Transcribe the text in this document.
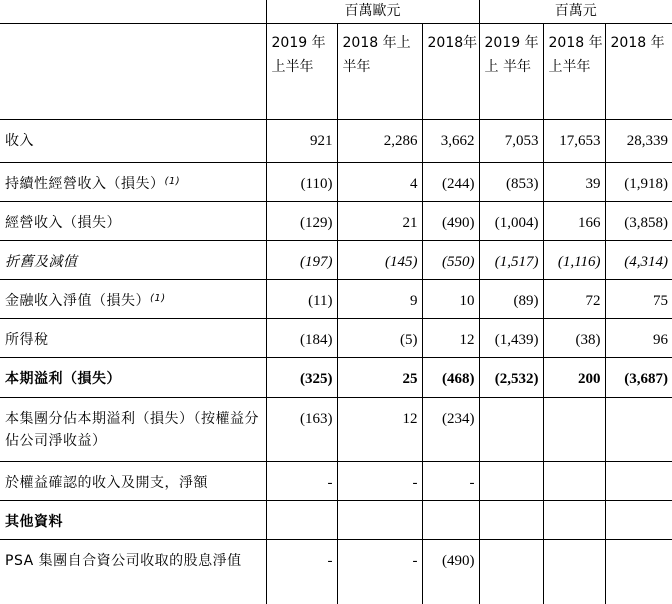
	百萬歐元			百萬元		
	2019 年上半年	2018 年上半年	2018年	2019 年 上 半年	2018 年上半年	2018 年
收入	921	2,286	3,662	7,053	17,653	28,339
持續性經營收入（損失）$^{(1)}$	(110)	4	(244)	(853)	39	(1,918)
經營收入（損失）	(129)	21	(490)	(1,004)	166	(3,858)
折舊及減值	(197)	(145)	(550)	(1,517)	(1,116)	(4,314)
金融收入淨值（損失）$^{(1)}$	(11)	9	10	(89)	72	75
所得稅	(184)	(5)	12	(1,439)	(38)	96
本期溢利（損失）	(325)	25	(468)	(2,532)	200	(3,687)
本集團分佔本期溢利（損失）（按權益分佔公司淨收益）	(163)	12	(234)			
於權益確認的收入及開支，淨額	-	-	-			
其他資料						
PSA 集團自合資公司收取的股息淨值	-	-	(490)			
